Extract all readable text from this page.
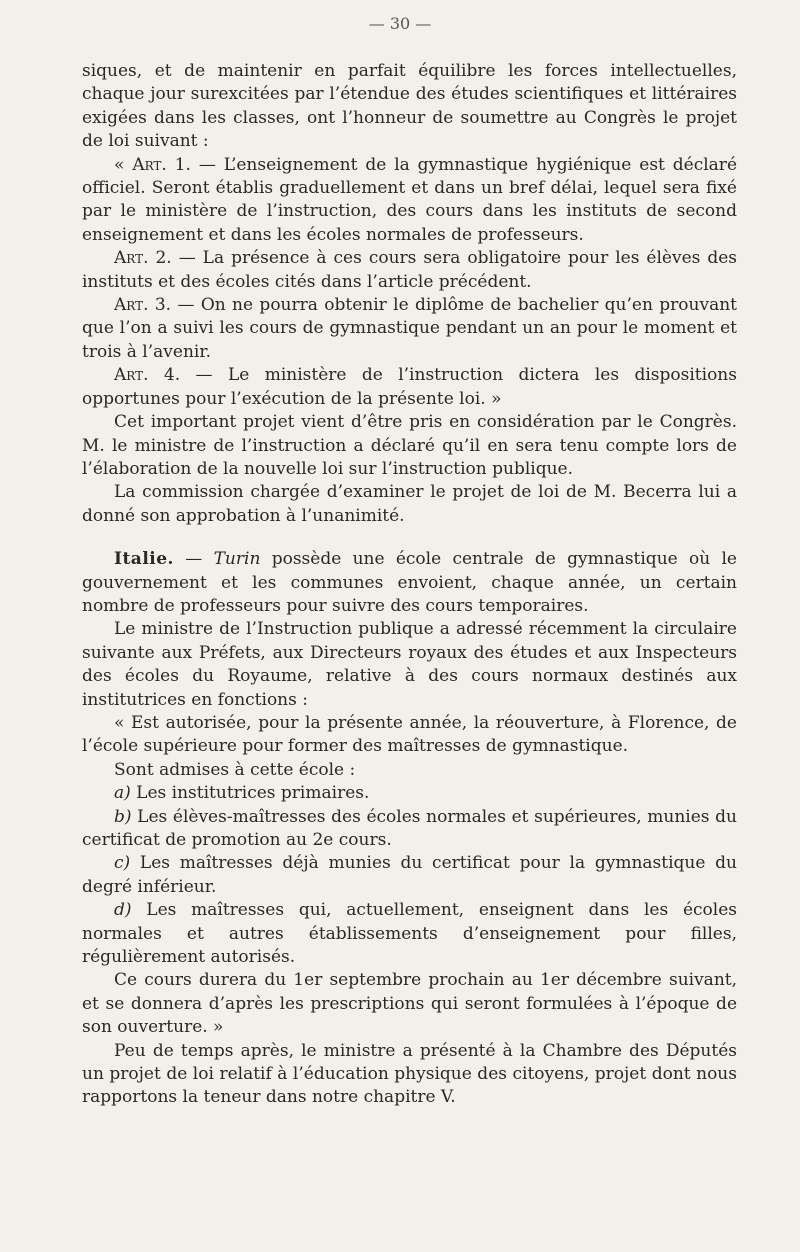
— 30 —

siques, et de maintenir en parfait équilibre les forces intellectuelles, chaque jour surexcitées par l’étendue des études scientifiques et littéraires exigées dans les classes, ont l’honneur de soumettre au Congrès le projet de loi suivant :

« Art. 1. — L’enseignement de la gymnastique hygiénique est déclaré officiel. Seront établis graduellement et dans un bref délai, lequel sera fixé par le ministère de l’instruction, des cours dans les instituts de second enseignement et dans les écoles normales de professeurs.

Art. 2. — La présence à ces cours sera obligatoire pour les élèves des instituts et des écoles cités dans l’article précédent.

Art. 3. — On ne pourra obtenir le diplôme de bachelier qu’en prouvant que l’on a suivi les cours de gymnastique pendant un an pour le moment et trois à l’avenir.

Art. 4. — Le ministère de l’instruction dictera les dispositions opportunes pour l’exécution de la présente loi. »

Cet important projet vient d’être pris en considération par le Congrès. M. le ministre de l’instruction a déclaré qu’il en sera tenu compte lors de l’élaboration de la nouvelle loi sur l’instruction publique.

La commission chargée d’examiner le projet de loi de M. Becerra lui a donné son approbation à l’unanimité.

Italie. — Turin possède une école centrale de gymnastique où le gouvernement et les communes envoient, chaque année, un certain nombre de professeurs pour suivre des cours temporaires.

Le ministre de l’Instruction publique a adressé récemment la circulaire suivante aux Préfets, aux Directeurs royaux des études et aux Inspecteurs des écoles du Royaume, relative à des cours normaux destinés aux institutrices en fonctions :

« Est autorisée, pour la présente année, la réouverture, à Florence, de l’école supérieure pour former des maîtresses de gymnastique.

Sont admises à cette école :

a) Les institutrices primaires.

b) Les élèves-maîtresses des écoles normales et supérieures, munies du certificat de promotion au 2e cours.

c) Les maîtresses déjà munies du certificat pour la gymnastique du degré inférieur.

d) Les maîtresses qui, actuellement, enseignent dans les écoles normales et autres établissements d’enseignement pour filles, régulièrement autorisés.

Ce cours durera du 1er septembre prochain au 1er décembre suivant, et se donnera d’après les prescriptions qui seront formulées à l’époque de son ouverture. »

Peu de temps après, le ministre a présenté à la Chambre des Députés un projet de loi relatif à l’éducation physique des citoyens, projet dont nous rapportons la teneur dans notre chapitre V.
